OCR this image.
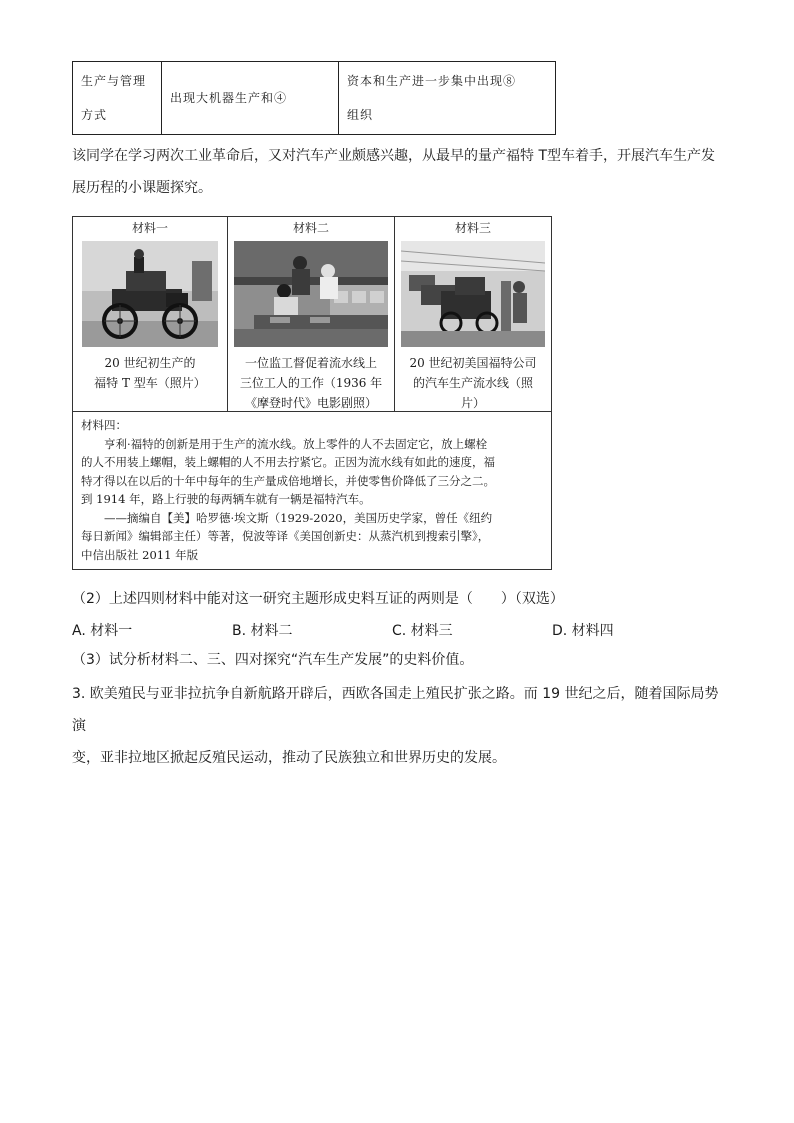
生产与管理
方式

出现大机器生产和④

资本和生产进一步集中出现⑧
组织
该同学在学习两次工业革命后，又对汽车产业颇感兴趣，从最早的量产福特 T型车着手，开展汽车生产发
展历程的小课题探究。
材料一
20 世纪初生产的
福特 T 型车（照片）
材料二
一位监工督促着流水线上
三位工人的工作（1936 年
《摩登时代》电影剧照）
材料三
20 世纪初美国福特公司
的汽车生产流水线（照
片）

材料四：

亨利·福特的创新是用于生产的流水线。放上零件的人不去固定它，放上螺栓

的人不用装上螺帽，装上螺帽的人不用去拧紧它。正因为流水线有如此的速度，福

特才得以在以后的十年中每年的生产量成倍地增长，并使零售价降低了三分之二。

到 1914 年，路上行驶的每两辆车就有一辆是福特汽车。

——摘编自【美】哈罗德·埃文斯（1929-2020，美国历史学家，曾任《纽约

每日新闻》编辑部主任）等著，倪波等译《美国创新史：从蒸汽机到搜索引擎》，

中信出版社 2011 年版

（2）上述四则材料中能对这一研究主题形成史料互证的两则是（　　）（双选）
A. 材料一	B. 材料二	C. 材料三	D. 材料四
（3）试分析材料二、三、四对探究“汽车生产发展”的史料价值。
3. 欧美殖民与亚非拉抗争自新航路开辟后，西欧各国走上殖民扩张之路。而 19 世纪之后，随着国际局势演
变，亚非拉地区掀起反殖民运动，推动了民族独立和世界历史的发展。
